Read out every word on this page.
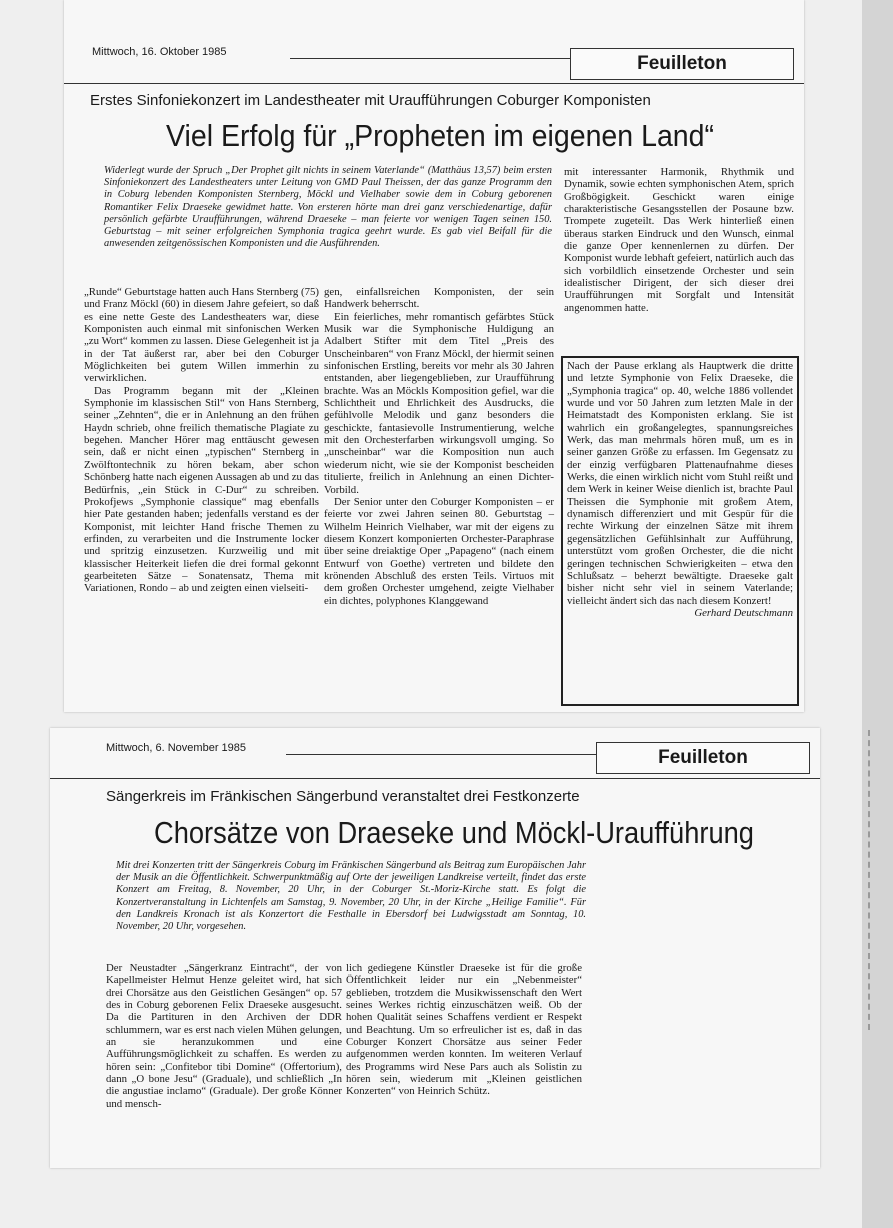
Mittwoch, 16. Oktober 1985
Feuilleton
Erstes Sinfoniekonzert im Landestheater mit Uraufführungen Coburger Komponisten
Viel Erfolg für „Propheten im eigenen Land“

Widerlegt wurde der Spruch „Der Prophet gilt nichts in seinem Vaterlande“ (Matthäus 13,57) beim ersten Sinfoniekonzert des Landestheaters unter Leitung von GMD Paul Theissen, der das ganze Programm den in Coburg lebenden Komponisten Sternberg, Möckl und Vielhaber sowie dem in Coburg geborenen Romantiker Felix Draeseke gewidmet hatte. Von ersteren hörte man drei ganz verschiedenartige, dafür persönlich gefärbte Uraufführungen, während Draeseke – man feierte vor wenigen Tagen seinen 150. Geburtstag – mit seiner erfolgreichen Symphonia tragica geehrt wurde. Es gab viel Beifall für die anwesenden zeitgenössischen Komponisten und die Ausführenden.

„Runde“ Geburtstage hatten auch Hans Sternberg (75) und Franz Möckl (60) in diesem Jahre gefeiert, so daß es eine nette Geste des Landestheaters war, diese Komponisten auch einmal mit sinfonischen Werken „zu Wort“ kommen zu lassen. Diese Gelegenheit ist ja in der Tat äußerst rar, aber bei den Coburger Möglichkeiten bei gutem Willen immerhin zu verwirklichen.

Das Programm begann mit der „Kleinen Symphonie im klassischen Stil“ von Hans Sternberg, seiner „Zehnten“, die er in Anlehnung an den frühen Haydn schrieb, ohne freilich thematische Plagiate zu begehen. Mancher Hörer mag enttäuscht gewesen sein, daß er nicht einen „typischen“ Sternberg in Zwölftontechnik zu hören bekam, aber schon Schönberg hatte nach eigenen Aussagen ab und zu das Bedürfnis, „ein Stück in C-Dur“ zu schreiben. Prokofjews „Symphonie classique“ mag ebenfalls hier Pate gestanden haben; jedenfalls verstand es der Komponist, mit leichter Hand frische Themen zu erfinden, zu verarbeiten und die Instrumente locker und spritzig einzusetzen. Kurzweilig und mit klassischer Heiterkeit liefen die drei formal gekonnt gearbeiteten Sätze – Sonatensatz, Thema mit Variationen, Rondo – ab und zeigten einen vielseiti-

gen, einfallsreichen Komponisten, der sein Handwerk beherrscht.

Ein feierliches, mehr romantisch gefärbtes Stück Musik war die Symphonische Huldigung an Adalbert Stifter mit dem Titel „Preis des Unscheinbaren“ von Franz Möckl, der hiermit seinen sinfonischen Erstling, bereits vor mehr als 30 Jahren entstanden, aber liegengeblieben, zur Uraufführung brachte. Was an Möckls Komposition gefiel, war die Schlichtheit und Ehrlichkeit des Ausdrucks, die gefühlvolle Melodik und ganz besonders die geschickte, fantasievolle Instrumentierung, welche mit den Orchesterfarben wirkungsvoll umging. So „unscheinbar“ war die Komposition nun auch wiederum nicht, wie sie der Komponist bescheiden titulierte, freilich in Anlehnung an einen Dichter-Vorbild.

Der Senior unter den Coburger Komponisten – er feierte vor zwei Jahren seinen 80. Geburtstag – Wilhelm Heinrich Vielhaber, war mit der eigens zu diesem Konzert komponierten Orchester-Paraphrase über seine dreiaktige Oper „Papageno“ (nach einem Entwurf von Goethe) vertreten und bildete den krönenden Abschluß des ersten Teils. Virtuos mit dem großen Orchester umgehend, zeigte Vielhaber ein dichtes, polyphones Klanggewand

mit interessanter Harmonik, Rhythmik und Dynamik, sowie echten symphonischen Atem, sprich Großbögigkeit. Geschickt waren einige charakteristische Gesangsstellen der Posaune bzw. Trompete zugeteilt. Das Werk hinterließ einen überaus starken Eindruck und den Wunsch, einmal die ganze Oper kennenlernen zu dürfen. Der Komponist wurde lebhaft gefeiert, natürlich auch das sich vorbildlich einsetzende Orchester und sein idealistischer Dirigent, der sich dieser drei Uraufführungen mit Sorgfalt und Intensität angenommen hatte.

Nach der Pause erklang als Hauptwerk die dritte und letzte Symphonie von Felix Draeseke, die „Symphonia tragica“ op. 40, welche 1886 vollendet wurde und vor 50 Jahren zum letzten Male in der Heimatstadt des Komponisten erklang. Sie ist wahrlich ein großangelegtes, spannungsreiches Werk, das man mehrmals hören muß, um es in seiner ganzen Größe zu erfassen. Im Gegensatz zu der einzig verfügbaren Plattenaufnahme dieses Werks, die einen wirklich nicht vom Stuhl reißt und dem Werk in keiner Weise dienlich ist, brachte Paul Theissen die Symphonie mit großem Atem, dynamisch differenziert und mit Gespür für die rechte Wirkung der einzelnen Sätze mit ihrem gegensätzlichen Gefühlsinhalt zur Aufführung, unterstützt vom großen Orchester, die die nicht geringen technischen Schwierigkeiten – etwa den Schlußsatz – beherzt bewältigte. Draeseke galt bisher nicht sehr viel in seinem Vaterlande; vielleicht ändert sich das nach diesem Konzert!

Gerhard Deutschmann

Mittwoch, 6. November 1985	Feuilleton
Sängerkreis im Fränkischen Sängerbund veranstaltet drei Festkonzerte
Chorsätze von Draeseke und Möckl-Uraufführung

Mit drei Konzerten tritt der Sängerkreis Coburg im Fränkischen Sängerbund als Beitrag zum Europäischen Jahr der Musik an die Öffentlichkeit. Schwerpunktmäßig auf Orte der jeweiligen Landkreise verteilt, findet das erste Konzert am Freitag, 8. November, 20 Uhr, in der Coburger St.-Moriz-Kirche statt. Es folgt die Konzertveranstaltung in Lichtenfels am Samstag, 9. November, 20 Uhr, in der Kirche „Heilige Familie“. Für den Landkreis Kronach ist als Konzertort die Festhalle in Ebersdorf bei Ludwigsstadt am Sonntag, 10. November, 20 Uhr, vorgesehen.

Der Neustadter „Sängerkranz Eintracht“, der von Kapellmeister Helmut Henze geleitet wird, hat sich drei Chorsätze aus den Geistlichen Gesängen“ op. 57 des in Coburg geborenen Felix Draeseke ausgesucht. Da die Partituren in den Archiven der DDR schlummern, war es erst nach vielen Mühen gelungen, an sie heranzukommen und eine Aufführungsmöglichkeit zu schaffen. Es werden zu hören sein: „Confitebor tibi Domine“ (Offertorium), dann „O bone Jesu“ (Graduale), und schließlich „In die angustiae inclamo“ (Graduale). Der große Könner und mensch-

lich gediegene Künstler Draeseke ist für die große Öffentlichkeit leider nur ein „Nebenmeister“ geblieben, trotzdem die Musikwissenschaft den Wert seines Werkes richtig einzuschätzen weiß. Ob der hohen Qualität seines Schaffens verdient er Respekt und Beachtung. Um so erfreulicher ist es, daß in das Coburger Konzert Chorsätze aus seiner Feder aufgenommen werden konnten. Im weiteren Verlauf des Programms wird Nese Pars auch als Solistin zu hören sein, wiederum mit „Kleinen geistlichen Konzerten“ von Heinrich Schütz.
